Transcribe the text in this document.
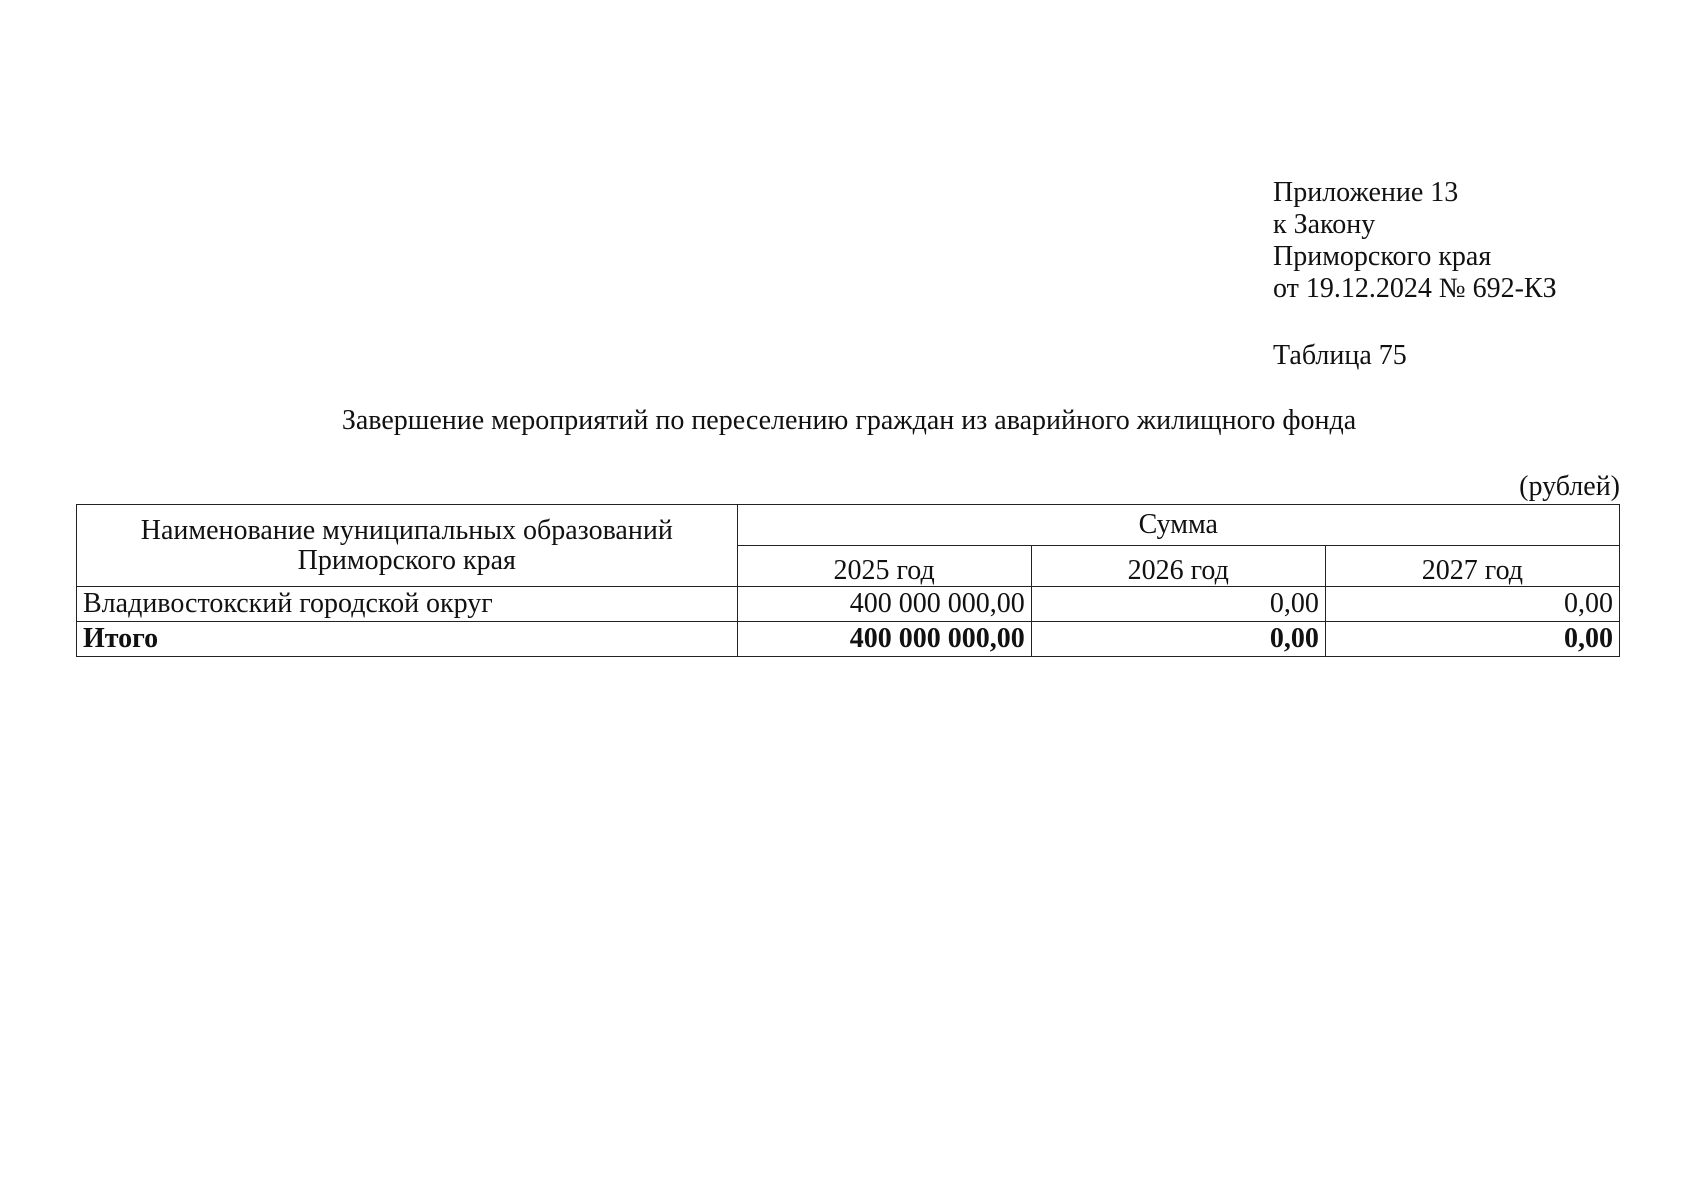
Приложение 13
к Закону
Приморского края
от 19.12.2024 № 692-КЗ
Таблица 75
Завершение мероприятий по переселению граждан из аварийного жилищного фонда
(рублей)
Наименование муниципальных образований
Приморского края	Сумма		
	2025 год	2026 год	2027 год
Владивостокский городской округ	400 000 000,00	0,00	0,00
Итого	400 000 000,00	0,00	0,00
